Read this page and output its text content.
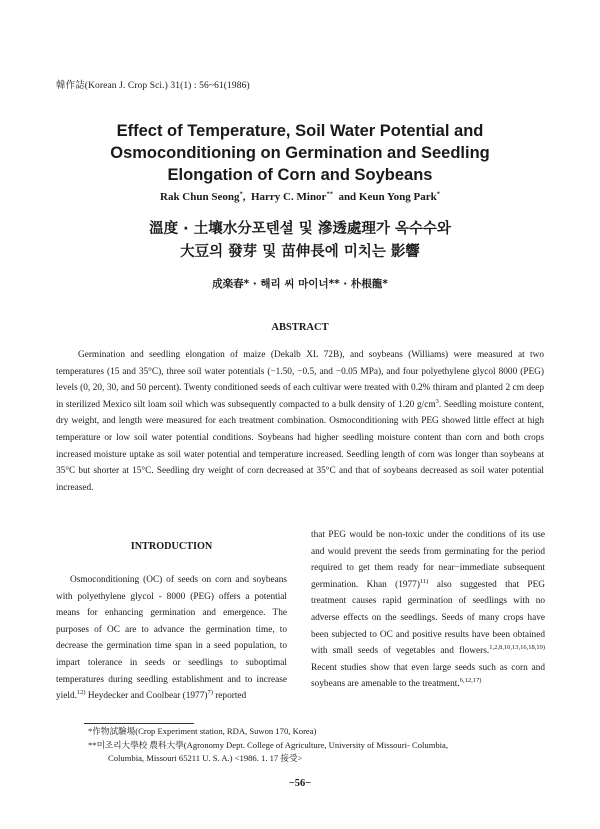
韓作誌(Korean J. Crop Sci.) 31(1) : 56~61(1986)
Effect of Temperature, Soil Water Potential and
Osmoconditioning on Germination and Seedling
Elongation of Corn and Soybeans
Rak Chun Seong*,  Harry C. Minor** and Keun Yong Park*
溫度 · 土壤水分포텐셜 및 滲透處理가 옥수수와
大豆의 發芽 및 苗伸長에 미치는 影響
成楽春* · 해리 씨 마이너** · 朴根龍*
ABSTRACT

Germination and seedling elongation of maize (Dekalb XL 72B), and soybeans (Williams) were measured at two temperatures (15 and 35°C), three soil water potentials (−1.50, −0.5, and −0.05 MPa), and four polyethylene glycol 8000 (PEG) levels (0, 20, 30, and 50 percent). Twenty conditioned seeds of each cultivar were treated with 0.2% thiram and planted 2 cm deep in sterilized Mexico silt loam soil which was subsequently compacted to a bulk density of 1.20 $g/cm^3$. Seedling moisture content, dry weight, and length were measured for each treatment combination. Osmoconditioning with PEG showed little effect at high temperature or low soil water potential conditions. Soybeans had higher seedling moisture content than corn and both crops increased moisture uptake as soil water potential and temperature increased. Seedling length of corn was longer than soybeans at 35°C but shorter at 15°C. Seedling dry weight of corn decreased at 35°C and that of soybeans decreased as soil water potential increased.

INTRODUCTION

Osmoconditioning (OC) of seeds on corn and soybeans with polyethylene glycol - 8000 (PEG) offers a potential means for enhancing germination and emergence. The purposes of OC are to advance the germination time, to decrease the germination time span in a seed population, to impart tolerance in seeds or seedlings to suboptimal temperatures during seedling establishment and to increase yield.$^{12)}$ Heydecker and Coolbear $(1977)^{7)}$ reported

that PEG would be non-toxic under the conditions of its use and would prevent the seeds from germinating for the period required to get them ready for near−immediate subsequent germination. Khan $(1977)^{11)}$ also suggested that PEG treatment causes rapid germination of seedlings with no adverse effects on the seedlings. Seeds of many crops have been subjected to OC and positive results have been obtained with small seeds of vegetables and flowers.$^{1,2,8,10,13,16,18,19)}$ Recent studies show that even large seeds such as corn and soybeans are amenable to the treatment.$^{6,12,17)}$

*作物試驗場(Crop Experiment station, RDA, Suwon 170, Korea)

**미조리大學校 農科大學(Agronomy Dept. College of Agriculture, University of Missouri- Columbia,

Columbia, Missouri 65211 U. S. A.) <1986. 1. 17 接受>

−56−
